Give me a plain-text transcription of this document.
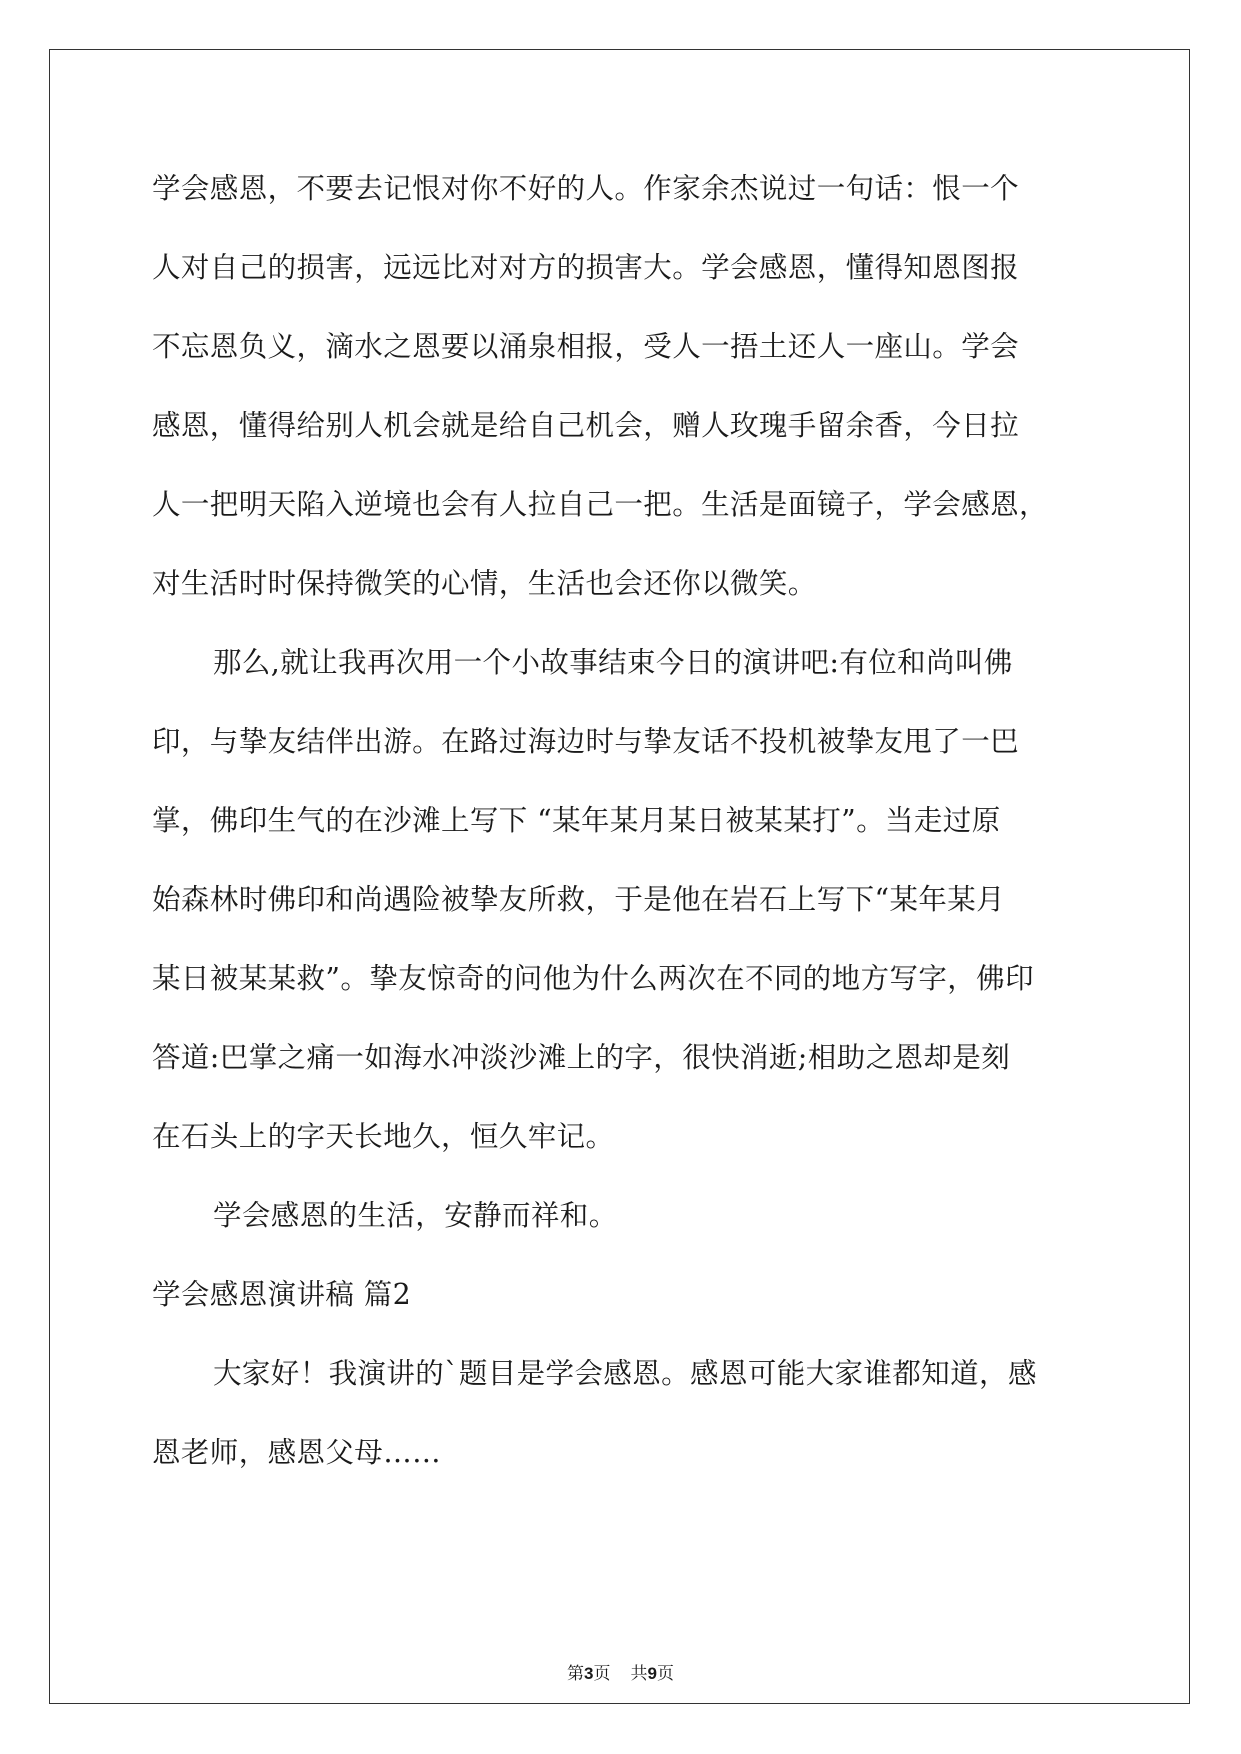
学会感恩，不要去记恨对你不好的人。作家余杰说过一句话：恨一个
人对自己的损害，远远比对对方的损害大。学会感恩，懂得知恩图报
不忘恩负义，滴水之恩要以涌泉相报，受人一捂土还人一座山。学会
感恩，懂得给别人机会就是给自己机会，赠人玫瑰手留余香，今日拉
人一把明天陷入逆境也会有人拉自己一把。生活是面镜子，学会感恩，
对生活时时保持微笑的心情，生活也会还你以微笑。
那么,就让我再次用一个小故事结束今日的演讲吧:有位和尚叫佛
印，与挚友结伴出游。在路过海边时与挚友话不投机被挚友甩了一巴
掌，佛印生气的在沙滩上写下 “某年某月某日被某某打”。当走过原
始森林时佛印和尚遇险被挚友所救，于是他在岩石上写下“某年某月
某日被某某救”。挚友惊奇的问他为什么两次在不同的地方写字，佛印
答道:巴掌之痛一如海水冲淡沙滩上的字，很快消逝;相助之恩却是刻
在石头上的字天长地久，恒久牢记。
学会感恩的生活，安静而祥和。
学会感恩演讲稿 篇2
大家好！我演讲的`题目是学会感恩。感恩可能大家谁都知道，感
恩老师，感恩父母……
第3页 共9页
